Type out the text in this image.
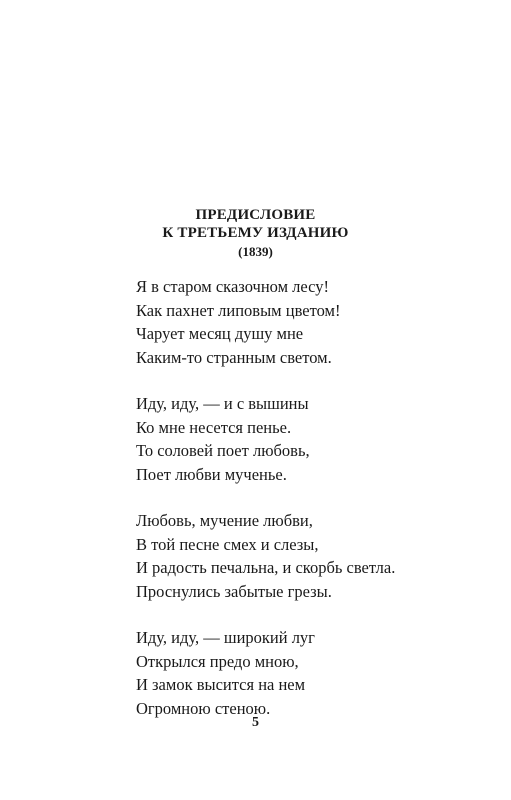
ПРЕДИСЛОВИЕ
К ТРЕТЬЕМУ ИЗДАНИЮ
(1839)
Я в старом сказочном лесу!
Как пахнет липовым цветом!
Чарует месяц душу мне
Каким-то странным светом.
Иду, иду, — и с вышины
Ко мне несется пенье.
То соловей поет любовь,
Поет любви мученье.
Любовь, мучение любви,
В той песне смех и слезы,
И радость печальна, и скорбь светла.
Проснулись забытые грезы.
Иду, иду, — широкий луг
Открылся предо мною,
И замок высится на нем
Огромною стеною.
5
